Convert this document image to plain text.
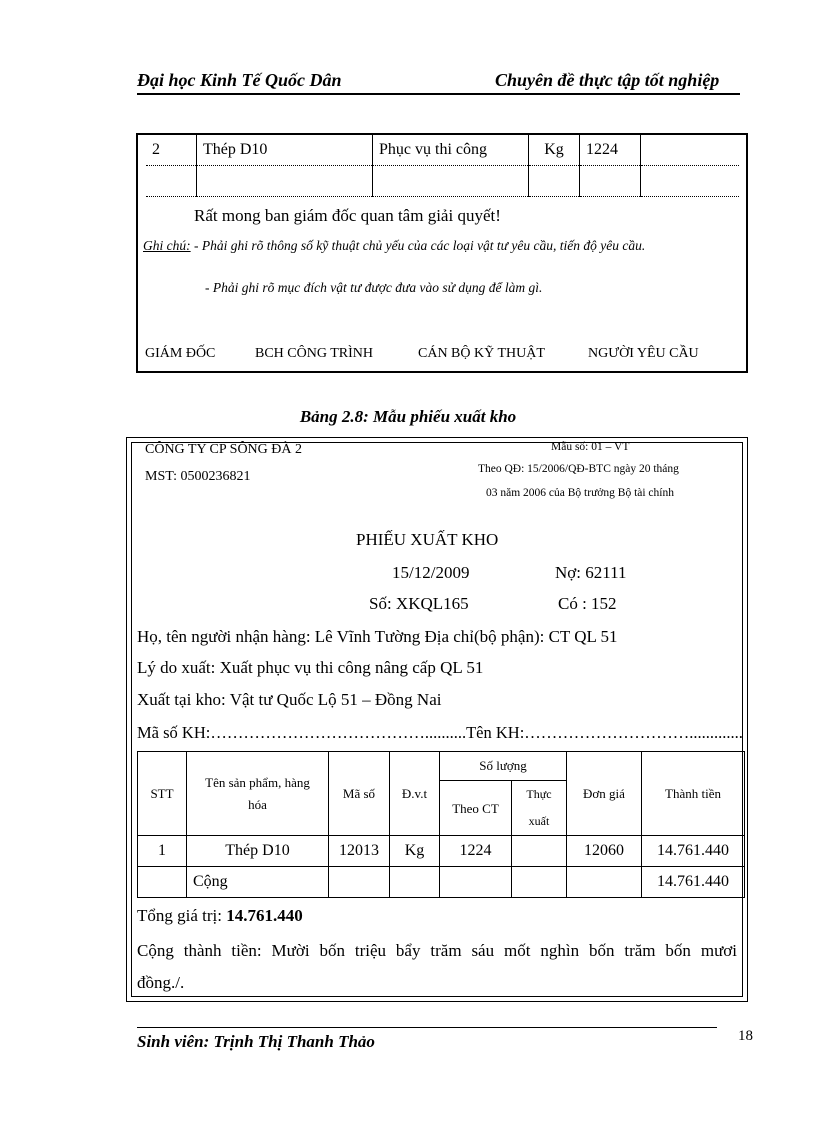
Đại học Kinh Tế Quốc Dân	Chuyên đề thực tập tốt nghiệp
2	Thép D10	Phục vụ thi công	Kg	1224	

Rất mong ban giám đốc quan tâm giải quyết!
Ghi chú: - Phải ghi rõ thông số kỹ thuật chủ yếu của các loại vật tư yêu cầu, tiến độ yêu cầu.
- Phải ghi rõ mục đích vật tư được đưa vào sử dụng để làm gì.
GIÁM ĐỐC	BCH CÔNG TRÌNH	CÁN BỘ KỸ THUẬT	NGƯỜI YÊU CẦU
Bảng 2.8: Mẫu phiếu xuất kho
CÔNG TY CP SÔNG ĐÀ 2
MST: 0500236821
Mẫu số: 01 – VT
Theo QĐ: 15/2006/QĐ-BTC ngày 20 tháng
03 năm 2006 của Bộ trưởng Bộ tài chính
PHIẾU XUẤT KHO
15/12/2009	Nợ: 62111
Số: XKQL165	Có : 152
Họ, tên người nhận hàng: Lê Vĩnh Tường Địa chỉ(bộ phận): CT QL 51
Lý do xuất: Xuất phục vụ thi công nâng cấp QL 51
Xuất tại kho: Vật tư Quốc Lộ 51 – Đồng Nai
Mã số KH:…………………………………..........Tên KH:………………………….............
STT	Tên sản phẩm, hàng hóa	Mã số	Đ.v.t	Số lượng		Đơn giá	Thành tiền
				Theo CT	Thực xuất		
1	Thép D10	12013	Kg	1224		12060	14.761.440
	Cộng						14.761.440
Tổng giá trị: 14.761.440
Cộng thành tiền: Mười bốn triệu bẩy trăm sáu mốt nghìn bốn trăm bốn mươi đồng./.
Sinh viên: Trịnh Thị Thanh Thảo	18
